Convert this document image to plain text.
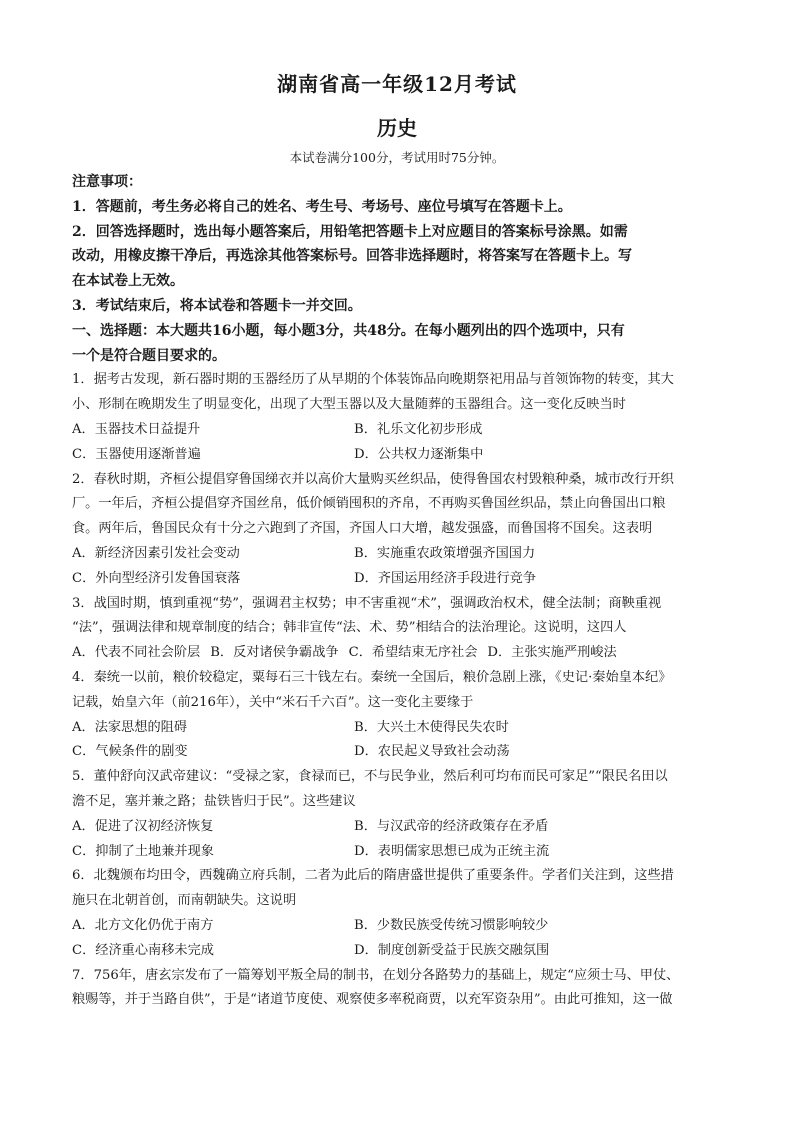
湖南省高一年级12月考试
历史
本试卷满分100分，考试用时75分钟。
注意事项：
1．答题前，考生务必将自己的姓名、考生号、考场号、座位号填写在答题卡上。
2．回答选择题时，选出每小题答案后，用铅笔把答题卡上对应题目的答案标号涂黑。如需
改动，用橡皮擦干净后，再选涂其他答案标号。回答非选择题时，将答案写在答题卡上。写
在本试卷上无效。
3．考试结束后，将本试卷和答题卡一并交回。
一、选择题：本大题共16小题，每小题3分，共48分。在每小题列出的四个选项中，只有
一个是符合题目要求的。
1．据考古发现，新石器时期的玉器经历了从早期的个体装饰品向晚期祭祀用品与首领饰物的转变，其大
小、形制在晚期发生了明显变化，出现了大型玉器以及大量随葬的玉器组合。这一变化反映当时
A．玉器技术日益提升	B．礼乐文化初步形成
C．玉器使用逐渐普遍	D．公共权力逐渐集中
2．春秋时期，齐桓公提倡穿鲁国绨衣并以高价大量购买丝织品，使得鲁国农村毁粮种桑，城市改行开织
厂。一年后，齐桓公提倡穿齐国丝帛，低价倾销囤积的齐帛，不再购买鲁国丝织品，禁止向鲁国出口粮
食。两年后，鲁国民众有十分之六跑到了齐国，齐国人口大增，越发强盛，而鲁国将不国矣。这表明
A．新经济因素引发社会变动	B．实施重农政策增强齐国国力
C．外向型经济引发鲁国衰落	D．齐国运用经济手段进行竞争
3．战国时期，慎到重视“势”，强调君主权势；申不害重视“术”，强调政治权术，健全法制；商鞅重视
“法”，强调法律和规章制度的结合；韩非宣传“法、术、势”相结合的法治理论。这说明，这四人
A．代表不同社会阶层 B．反对诸侯争霸战争 C．希望结束无序社会 D．主张实施严刑峻法
4．秦统一以前，粮价较稳定，粟每石三十钱左右。秦统一全国后，粮价急剧上涨，《史记·秦始皇本纪》
记载，始皇六年（前216年），关中“米石千六百”。这一变化主要缘于
A．法家思想的阻碍	B．大兴土木使得民失农时
C．气候条件的剧变	D．农民起义导致社会动荡
5．董仲舒向汉武帝建议：“受禄之家，食禄而已，不与民争业，然后利可均布而民可家足”“限民名田以
澹不足，塞并兼之路；盐铁皆归于民”。这些建议
A．促进了汉初经济恢复	B．与汉武帝的经济政策存在矛盾
C．抑制了土地兼并现象	D．表明儒家思想已成为正统主流
6．北魏颁布均田令，西魏确立府兵制，二者为此后的隋唐盛世提供了重要条件。学者们关注到，这些措
施只在北朝首创，而南朝缺失。这说明
A．北方文化仍优于南方	B．少数民族受传统习惯影响较少
C．经济重心南移未完成	D．制度创新受益于民族交融氛围
7．756年，唐玄宗发布了一篇筹划平叛全局的制书，在划分各路势力的基础上，规定“应须士马、甲仗、
粮赐等，并于当路自供”，于是“诸道节度使、观察使多率税商贾，以充军资杂用”。由此可推知，这一做
